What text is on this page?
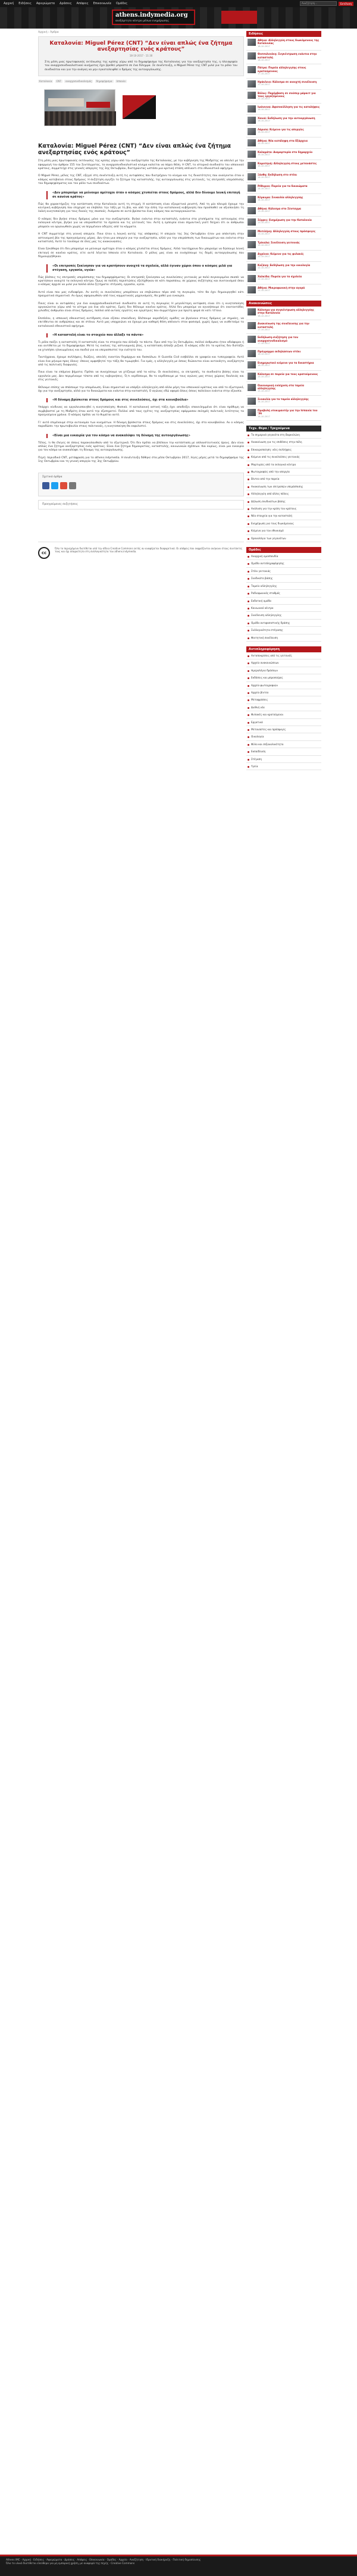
Αρχική Ειδήσεις Αφιερώματα Δράσεις Απόψεις Επικοινωνία Ομάδες	Αναζήτηση...	Εκτέλεση
athens.indymedia.org
ανεξάρτητο κέντρο μέσων ενημέρωσης
Αρχική › Άρθρα
Καταλονία: Miguel Pérez (CNT) “Δεν είναι απλώς ένα ζήτημα ανεξαρτησίας ενός κράτους”
18-10-2017 · 11:30
Στη μέση μιας πρωτοφανούς εκτόνωσης της κρίσης γύρω από το δημοψήφισμα της Καταλονίας για την ανεξαρτησία της, η πλειοψηφία του αναρχοσυνδικαλιστικού κινήματος έχει βρεθεί μπροστά σε ένα δίλημμα. Σε συνέντευξη, ο Miguel Pérez της CNT μιλά για το ρόλο του συνδικάτου και για την ανάγκη να μην εγκαταλειφθεί ο δρόμος της αυτοοργάνωσης.
Καταλονία CNT αναρχοσυνδικαλισμός δημοψήφισμα Ισπανία
Καταλονία: Miguel Pérez (CNT) “Δεν είναι απλώς ένα ζήτημα ανεξαρτησίας ενός κράτους”

Στη μέση μιας πρωτοφανούς εκτόνωσης της κρίσης γύρω από την ανεξαρτησία της Καταλονίας, με την κυβέρνηση της Μαδρίτης να απειλεί με την εφαρμογή του άρθρου 155 του Συντάγματος, το αναρχοσυνδικαλιστικό κίνημα καλείται να πάρει θέση. Η CNT, το ιστορικό συνδικάτο του ισπανικού κράτους, συμμετείχε στις γενικές απεργίες της 3ης Οκτωβρίου, διατηρώντας ωστόσο μια κριτική στάση απέναντι στο εθνικιστικό αφήγημα.

Ο Miguel Pérez, μέλος της CNT, εξηγεί στη συνέντευξη αυτή τις αντιφάσεις που διατρέχουν το κίνημα και τις δυνατότητες που ανοίγονται όταν ο κόσμος κατεβαίνει στους δρόμους. Η συζήτηση αγγίζει το ζήτημα της καταστολής, της αυτοοργάνωσης στις γειτονιές, τις επιτροπές υπεράσπισης του δημοψηφίσματος και τον ρόλο των συνδικάτων.

«Δεν μπορούμε να μείνουμε αμέτοχοι όταν ο κόσμος χτυπιέται στους δρόμους, αλλά δεν δίνουμε λευκή επιταγή σε κανένα κράτος»

Πώς θα χαρακτήριζες την κατάσταση στην Καταλονία αυτή τη στιγμή; Η κατάσταση είναι εξαιρετικά ρευστή. Από τη μία πλευρά έχουμε την κεντρική κυβέρνηση που επιχειρεί να επιβάλει την τάξη με τη βία, και από την άλλη την καταλανική κυβέρνηση που προσπαθεί να αξιοποιήσει τη λαϊκή κινητοποίηση για τους δικούς της σκοπούς. Ανάμεσα σε αυτά βρίσκεται ένας κόσμος που αυτοοργανώνεται.

Ο κόσμος δεν βγήκε στους δρόμους μόνο για την ανεξαρτησία. Βγήκε ενάντια στην καταστολή, ενάντια στα χτυπήματα της αστυνομίας στα εκλογικά κέντρα, βγήκε για να υπερασπιστεί τα σχολεία και τις γειτονιές του. Αυτή η εμπειρία είναι σημαντική γιατί δείχνει ότι οι άνθρωποι μπορούν να οργανωθούν χωρίς να περιμένουν οδηγίες από τα κόμματα.

Η CNT συμμετείχε στη γενική απεργία. Ποια ήταν η λογική αυτής της απόφασης; Η απεργία της 3ης Οκτωβρίου ήταν μια απάντηση στην αστυνομική βία της προηγούμενης μέρας. Δεν ήταν μια απεργία για την ανεξαρτησία, αλλά για την υπεράσπιση των δικαιωμάτων και ενάντια στην καταστολή. Αυτό το τονίσαμε σε όλες μας τις ανακοινώσεις.

Είναι ξεκάθαρο ότι δεν μπορούμε να μείνουμε αμέτοχοι όταν ο κόσμος χτυπιέται στους δρόμους. Αλλά ταυτόχρονα δεν μπορούμε να δώσουμε λευκή επιταγή σε κανένα κράτος, είτε αυτό λέγεται Ισπανία είτε Καταλονία. Ο ρόλος μας είναι να ενισχύσουμε τις δομές αυτοοργάνωσης που δημιουργήθηκαν.

«Οι επιτροπές ξεκίνησαν για να κρατήσουν ανοιχτά τα σχολεία, αλλά έγιναν χώροι όπου ο κόσμος μιλά για στέγαση, εργασία, υγεία»

Πώς βλέπεις τις επιτροπές υπεράσπισης του δημοψηφίσματος; Οι επιτροπές ξεκίνησαν ως συνελεύσεις γειτονιάς με πολύ συγκεκριμένο σκοπό: να κρατήσουν ανοιχτά τα εκλογικά κέντρα. Όμως σε πολλές περιπτώσεις εξελίχθηκαν σε κάτι παραπάνω, σε χώρους συζήτησης και συντονισμού όπου ο κόσμος άρχισε να μιλά για πολλά άλλα ζητήματα: στέγαση, εργασία, υγεία.

Αυτό είναι που μας ενδιαφέρει. Αν αυτές οι συνελεύσεις μπορέσουν να επιβιώσουν πέρα από τη συγκυρία, τότε θα έχει δημιουργηθεί κάτι πραγματικά σημαντικό. Αν όμως αφομοιωθούν από τους κομματικούς μηχανισμούς, θα χαθεί μια ευκαιρία.

Ποιες είναι οι αντιφάσεις για ένα αναρχοσυνδικαλιστικό συνδικάτο σε αυτή τη συγκυρία; Η μεγαλύτερη αντίφαση είναι ότι η κινητοποίηση οργανώνεται γύρω από το αίτημα για ένα νέο κράτος. Εμείς δεν θέλουμε κανένα κράτος. Αλλά δεν μπορούμε να αγνοήσουμε ότι εκατοντάδες χιλιάδες άνθρωποι είναι στους δρόμους, πολλοί από αυτούς εργάτες και εργάτριες που συμμετέχουν για πρώτη φορά σε κάτι τέτοιο.

Επιπλέον, η ισπανική εθνικιστική αντίδραση είναι εξίσου επικίνδυνη. Βλέπουμε ακροδεξιές ομάδες να βγαίνουν στους δρόμους με σημαίες, να επιτίθενται σε ανθρώπους και σε στέκια. Αυτό μας υποχρεώνει να έχουμε μια καθαρή θέση απέναντι στον φασισμό, χωρίς όμως να υιοθετούμε το καταλανικό εθνικιστικό αφήγημα.

«Η καταστολή είναι το στοιχείο που άλλαξε τα πάντα»

Τι ρόλο παίζει η καταστολή; Η καταστολή είναι το στοιχείο που άλλαξε τα πάντα. Πριν από την 1η Οκτωβρίου, πολλοί άνθρωποι ήταν αδιάφοροι ή και αντίθετοι με το δημοψήφισμα. Μετά τις εικόνες της αστυνομικής βίας, η κατάσταση άλλαξε ριζικά. Ο κόσμος είδε ότι το κράτος δεν διστάζει να χτυπήσει ηλικιωμένους και παιδιά για να υπερασπιστεί την ενότητά του.

Ταυτόχρονα, έχουμε συλλήψεις, διώξεις, απειλές εναντίον δημάρχων και δασκάλων. Η Guardia Civil εισβάλλει σε γραφεία και τυπογραφεία. Αυτό είναι ένα μήνυμα προς όλους: όποιος αμφισβητεί την τάξη θα τιμωρηθεί. Για εμάς, η αλληλεγγύη με όσους διώκονται είναι αυτονόητη, ανεξάρτητα από τις πολιτικές διαφωνίες.

Ποια είναι τα επόμενα βήματα; Πρέπει να συνεχίσουμε να χτίζουμε από τα κάτω. Οι συνελεύσεις, οι επιτροπές, τα συνδικάτα βάσης είναι τα εργαλεία μας. Δεν περιμένουμε τίποτα από τις κυβερνήσεις. Ό,τι κερδίσουμε, θα το κερδίσουμε με τους αγώνες μας στους χώρους δουλειάς και στις γειτονιές.

Θέλουμε επίσης να σπάσουμε την απομόνωση. Είναι σημαντικό να υπάρξει αλληλεγγύη από άλλα μέρη του ισπανικού κράτους και από το εξωτερικό, όχι για την ανεξαρτησία, αλλά για τα δικαιώματα και ενάντια στην καταστολή. Ο αγώνας εδώ αφορά όλους όσους παλεύουν ενάντια στην εξουσία.

«Η δύναμη βρίσκεται στους δρόμους και στις συνελεύσεις, όχι στα κοινοβούλια»

Υπάρχει κίνδυνος να εργαλειοποιηθεί η κινητοποίηση; Φυσικά. Η καταλανική αστική τάξη έχει αποδείξει επανειλημμένα ότι είναι πρόθυμη να συμβιβαστεί με τη Μαδρίτη όταν αυτό την εξυπηρετεί. Πολλοί από τους ηγέτες της ανεξαρτησίας εφάρμοσαν σκληρές πολιτικές λιτότητας τα προηγούμενα χρόνια. Ο κόσμος πρέπει να το θυμάται αυτό.

Γι' αυτό επιμένουμε στην αυτονομία των κινημάτων. Η δύναμη βρίσκεται στους δρόμους και στις συνελεύσεις, όχι στα κοινοβούλια. Αν ο κόσμος παραδώσει την πρωτοβουλία στους πολιτικούς, η κινητοποίηση θα εκφυλιστεί.

«Είναι μια ευκαιρία για τον κόσμο να ανακαλύψει τη δύναμη της αυτοοργάνωσης»

Τέλος, τι θα έλεγες σε όσους παρακολουθούν από το εξωτερικό; Ότι δεν πρέπει να βλέπουν την κατάσταση με απλουστευτικούς όρους. Δεν είναι απλώς ένα ζήτημα ανεξαρτησίας ενός κράτους. Είναι ένα ζήτημα δημοκρατίας, καταστολής, κοινωνικών σχέσεων. Και κυρίως, είναι μια ευκαιρία για τον κόσμο να ανακαλύψει τη δύναμη της αυτοοργάνωσης.

Πηγή: περιοδικό CNT, μετάφραση για το athens.indymedia. Η συνέντευξη δόθηκε στα μέσα Οκτωβρίου 2017, λίγες μέρες μετά το δημοψήφισμα της 1ης Οκτωβρίου και τη γενική απεργία της 3ης Οκτωβρίου.

Σχετικά άρθρα
Προηγούμενες συζητήσεις
cc
Όλο το περιεχόμενο διατίθεται υπό την άδεια Creative Commons εκτός αν αναφέρεται διαφορετικά. Οι απόψεις που εκφράζονται ανήκουν στους συντάκτες τους και όχι απαραίτητα στη συλλογικότητα του athens.indymedia.
Ειδήσεις
Αθήνα: Αλληλεγγύη στους διωκόμενους της Καταλονίας
18-10-2017
Θεσσαλονίκη: Συγκέντρωση ενάντια στην καταστολή
18-10-2017
Πάτρα: Πορεία αλληλεγγύης στους κρατούμενους
17-10-2017
Ηράκλειο: Κάλεσμα σε ανοιχτή συνέλευση
17-10-2017
Βόλος: Παρέμβαση σε σούπερ μάρκετ για τους εργαζόμενους
17-10-2017
Ιωάννινα: Αφισοκόλληση για τις καταλήψεις
16-10-2017
Χανιά: Εκδήλωση για την αυτοοργάνωση
16-10-2017
Λάρισα: Κείμενο για τις απεργίες
16-10-2017
Αθήνα: Νέα κατάληψη στα Εξάρχεια
15-10-2017
Καλαμάτα: Διαμαρτυρία στο δημαρχείο
15-10-2017
Κομοτηνή: Αλληλεγγύη στους μετανάστες
15-10-2017
Ξάνθη: Εκδήλωση στο στέκι
14-10-2017
Ρέθυμνο: Πορεία για τα δικαιώματα
14-10-2017
Κέρκυρα: Συναυλία αλληλεγγύης
14-10-2017
Αθήνα: Κάλεσμα στο Σύνταγμα
13-10-2017
Σέρρες: Ενημέρωση για την Καταλονία
13-10-2017
Μυτιλήνη: Αλληλεγγύη στους πρόσφυγες
13-10-2017
Τρίκαλα: Συνέλευση γειτονιάς
12-10-2017
Αγρίνιο: Κείμενο για τις φυλακές
12-10-2017
Κοζάνη: Εκδήλωση για την οικολογία
12-10-2017
Χαλκίδα: Πορεία για τα σχολεία
11-10-2017
Αθήνα: Μικροφωνική στην αγορά
11-10-2017
Ανακοινώσεις
Κάλεσμα για συγκέντρωση αλληλεγγύης στην Καταλονία
18-10-2017
Ανακοίνωση της συνέλευσης για την καταστολή
17-10-2017
Εκδήλωση-συζήτηση για τον αναρχοσυνδικαλισμό
17-10-2017
Πρόγραμμα εκδηλώσεων στέκι
16-10-2017
Ενημερωτικό κείμενο για τα δικαστήρια
16-10-2017
Κάλεσμα σε πορεία για τους κρατούμενους
15-10-2017
Οικονομική ενίσχυση στα ταμεία αλληλεγγύης
15-10-2017
Συναυλία για τα ταμεία αλληλεγγύης
14-10-2017
Προβολή ντοκιμαντέρ για την Ισπανία του '36
14-10-2017
Τεχν. Θέρα / Τρεχούμενα
Τα σημερινά γεγονότα στη Βαρκελώνη
Ανακοίνωση για τις επιθέσεις στην πόλη
Επικαιροποίηση: νέες συλλήψεις
Κείμενο από τις συνελεύσεις γειτονιάς
Μαρτυρίες από τα εκλογικά κέντρα
Φωτογραφίες από την απεργία
Βίντεο από την πορεία
Ανακοίνωση των επιτροπών υπεράσπισης
Αλληλεγγύη από άλλες πόλεις
Δήλωση συνδικάτων βάσης
Ανάλυση για την κρίση του κράτους
Νέα στοιχεία για την καταστολή
Ενημέρωση για τους διωκόμενους
Κείμενο για τον εθνικισμό
Χρονολόγιο των γεγονότων
Ομάδες
Αναρχική ομοσπονδία
Ομάδα αντιπληροφόρησης
Στέκι γειτονιάς
Συνδικάτο βάσης
Ταμείο αλληλεγγύης
Ραδιοφωνικός σταθμός
Εκδοτική ομάδα
Κοινωνικό κέντρο
Συνέλευση αλληλεγγύης
Ομάδα αντιφασιστικής δράσης
Συλλογικότητα στέγασης
Φοιτητική συνέλευση
Αντιπληροφόρηση
Ανταποκρίσεις από τις γειτονιές
Αρχείο ανακοινώσεων
Ημερολόγιο δράσεων
Εκδόσεις και μπροσούρες
Αρχείο φωτογραφιών
Αρχείο βίντεο
Μεταφράσεις
Διεθνή νέα
Φυλακές και κρατούμενοι
Εργατικά
Μετανάστες και πρόσφυγες
Οικολογία
Φύλο και σεξουαλικότητα
Εκπαίδευση
Στέγαση
Υγεία
Athens IMC · Αρχική · Ειδήσεις · Αφιερώματα · Δράσεις · Απόψεις · Επικοινωνία · Ομάδες · Αρχείο · Αναζήτηση · Ιδρυτική διακήρυξη · Πολιτική δημοσίευσης
Όλο το υλικό διατίθεται ελεύθερα για μη εμπορική χρήση, με αναφορά της πηγής · Creative Commons
